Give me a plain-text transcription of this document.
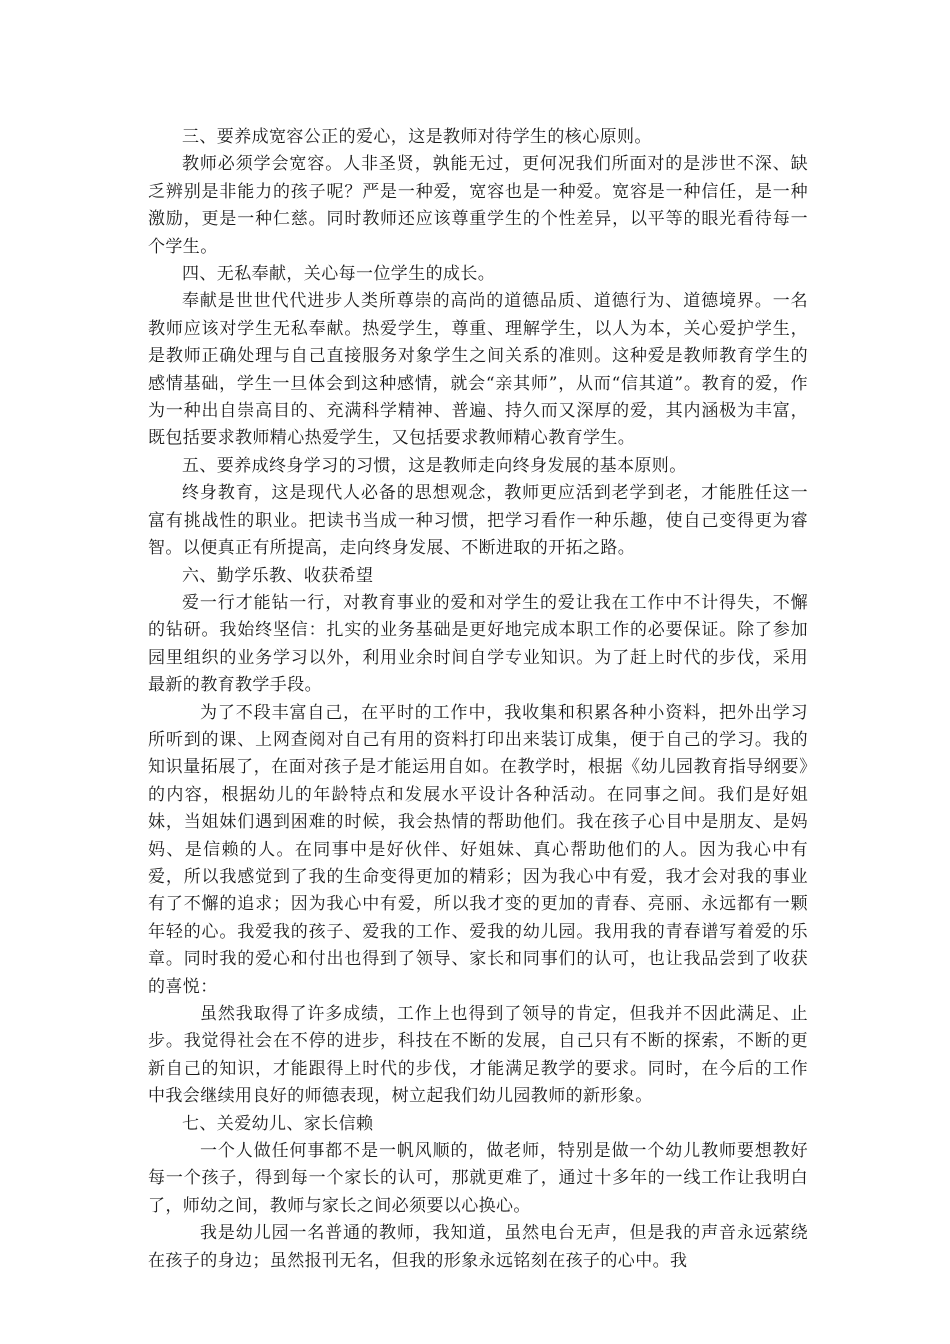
三、要养成宽容公正的爱心，这是教师对待学生的核心原则。

教师必须学会宽容。人非圣贤，孰能无过，更何况我们所面对的是涉世不深、缺乏辨别是非能力的孩子呢？严是一种爱，宽容也是一种爱。宽容是一种信任，是一种激励，更是一种仁慈。同时教师还应该尊重学生的个性差异，以平等的眼光看待每一个学生。

四、无私奉献，关心每一位学生的成长。

奉献是世世代代进步人类所尊崇的高尚的道德品质、道德行为、道德境界。一名教师应该对学生无私奉献。热爱学生，尊重、理解学生，以人为本，关心爱护学生，是教师正确处理与自己直接服务对象学生之间关系的准则。这种爱是教师教育学生的感情基础，学生一旦体会到这种感情，就会“亲其师”，从而“信其道”。教育的爱，作为一种出自崇高目的、充满科学精神、普遍、持久而又深厚的爱，其内涵极为丰富，既包括要求教师精心热爱学生，又包括要求教师精心教育学生。

五、要养成终身学习的习惯，这是教师走向终身发展的基本原则。

终身教育，这是现代人必备的思想观念，教师更应活到老学到老，才能胜任这一富有挑战性的职业。把读书当成一种习惯，把学习看作一种乐趣，使自己变得更为睿智。以便真正有所提高，走向终身发展、不断进取的开拓之路。

六、勤学乐教、收获希望

爱一行才能钻一行，对教育事业的爱和对学生的爱让我在工作中不计得失，不懈的钻研。我始终坚信：扎实的业务基础是更好地完成本职工作的必要保证。除了参加园里组织的业务学习以外，利用业余时间自学专业知识。为了赶上时代的步伐，采用最新的教育教学手段。

为了不段丰富自己，在平时的工作中，我收集和积累各种小资料，把外出学习所听到的课、上网查阅对自己有用的资料打印出来装订成集，便于自己的学习。我的知识量拓展了，在面对孩子是才能运用自如。在教学时，根据《幼儿园教育指导纲要》的内容，根据幼儿的年龄特点和发展水平设计各种活动。在同事之间。我们是好姐妹，当姐妹们遇到困难的时候，我会热情的帮助他们。我在孩子心目中是朋友、是妈妈、是信赖的人。在同事中是好伙伴、好姐妹、真心帮助他们的人。因为我心中有爱，所以我感觉到了我的生命变得更加的精彩；因为我心中有爱，我才会对我的事业有了不懈的追求；因为我心中有爱，所以我才变的更加的青春、亮丽、永远都有一颗年轻的心。我爱我的孩子、爱我的工作、爱我的幼儿园。我用我的青春谱写着爱的乐章。同时我的爱心和付出也得到了领导、家长和同事们的认可，也让我品尝到了收获的喜悦：

虽然我取得了许多成绩，工作上也得到了领导的肯定，但我并不因此满足、止步。我觉得社会在不停的进步，科技在不断的发展，自己只有不断的探索，不断的更新自己的知识，才能跟得上时代的步伐，才能满足教学的要求。同时，在今后的工作中我会继续用良好的师德表现，树立起我们幼儿园教师的新形象。

七、关爱幼儿、家长信赖

一个人做任何事都不是一帆风顺的，做老师，特别是做一个幼儿教师要想教好每一个孩子，得到每一个家长的认可，那就更难了，通过十多年的一线工作让我明白了，师幼之间，教师与家长之间必须要以心换心。

我是幼儿园一名普通的教师，我知道，虽然电台无声，但是我的声音永远萦绕在孩子的身边；虽然报刊无名，但我的形象永远铭刻在孩子的心中。我
